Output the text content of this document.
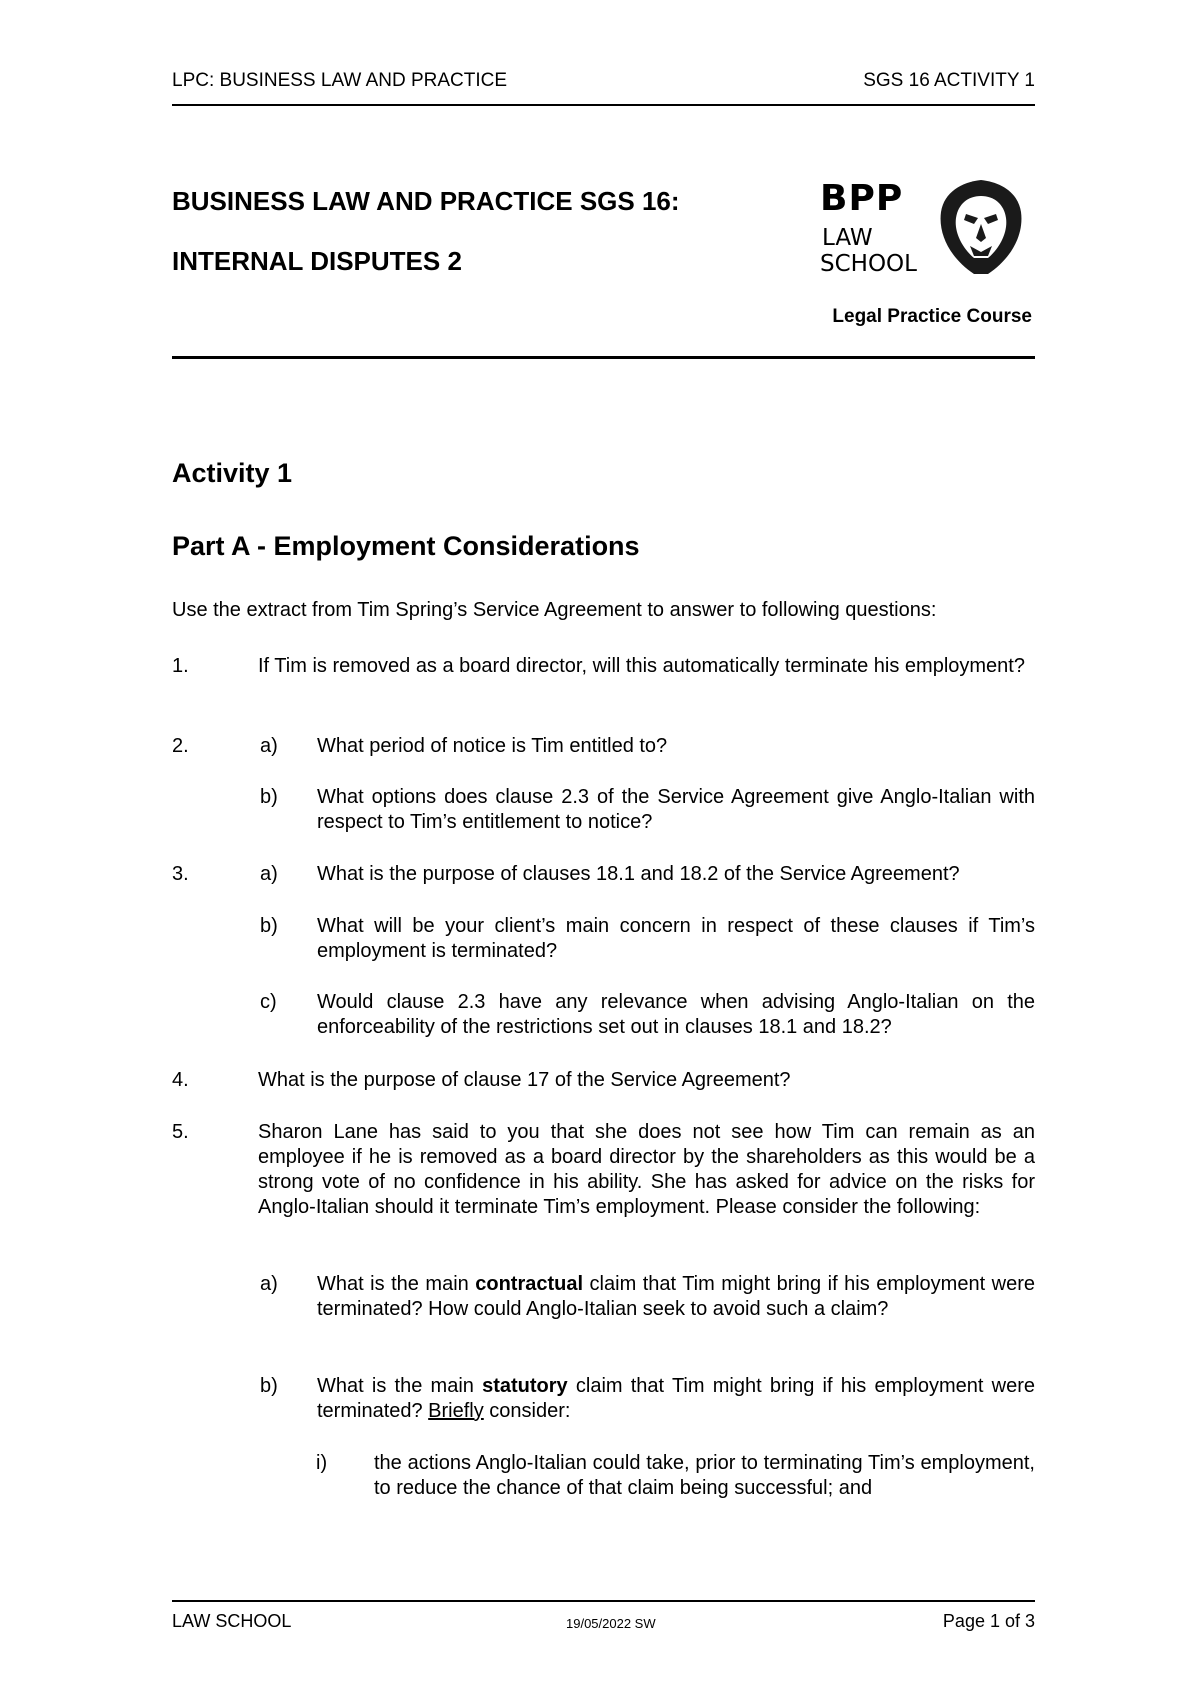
LPC: BUSINESS LAW AND PRACTICE	SGS 16 ACTIVITY 1
BUSINESS LAW AND PRACTICE SGS 16:
INTERNAL DISPUTES 2
BPP
LAW
SCHOOL
Legal Practice Course
Activity 1
Part A - Employment Considerations
Use the extract from Tim Spring’s Service Agreement to answer to following questions:
1.	If Tim is removed as a board director, will this automatically terminate his employment?
2.	a) What period of notice is Tim entitled to?
b) What options does clause 2.3 of the Service Agreement give Anglo-Italian with respect to Tim’s entitlement to notice?
3.	a) What is the purpose of clauses 18.1 and 18.2 of the Service Agreement?
b) What will be your client’s main concern in respect of these clauses if Tim’s employment is terminated?
c) Would clause 2.3 have any relevance when advising Anglo-Italian on the enforceability of the restrictions set out in clauses 18.1 and 18.2?
4.	What is the purpose of clause 17 of the Service Agreement?
5.	Sharon Lane has said to you that she does not see how Tim can remain as an employee if he is removed as a board director by the shareholders as this would be a strong vote of no confidence in his ability. She has asked for advice on the risks for Anglo-Italian should it terminate Tim’s employment. Please consider the following:
a) What is the main contractual claim that Tim might bring if his employment were terminated? How could Anglo-Italian seek to avoid such a claim?
b) What is the main statutory claim that Tim might bring if his employment were terminated? Briefly consider:
i) the actions Anglo-Italian could take, prior to terminating Tim’s employment, to reduce the chance of that claim being successful; and
LAW SCHOOL	19/05/2022 SW	Page 1 of 3
